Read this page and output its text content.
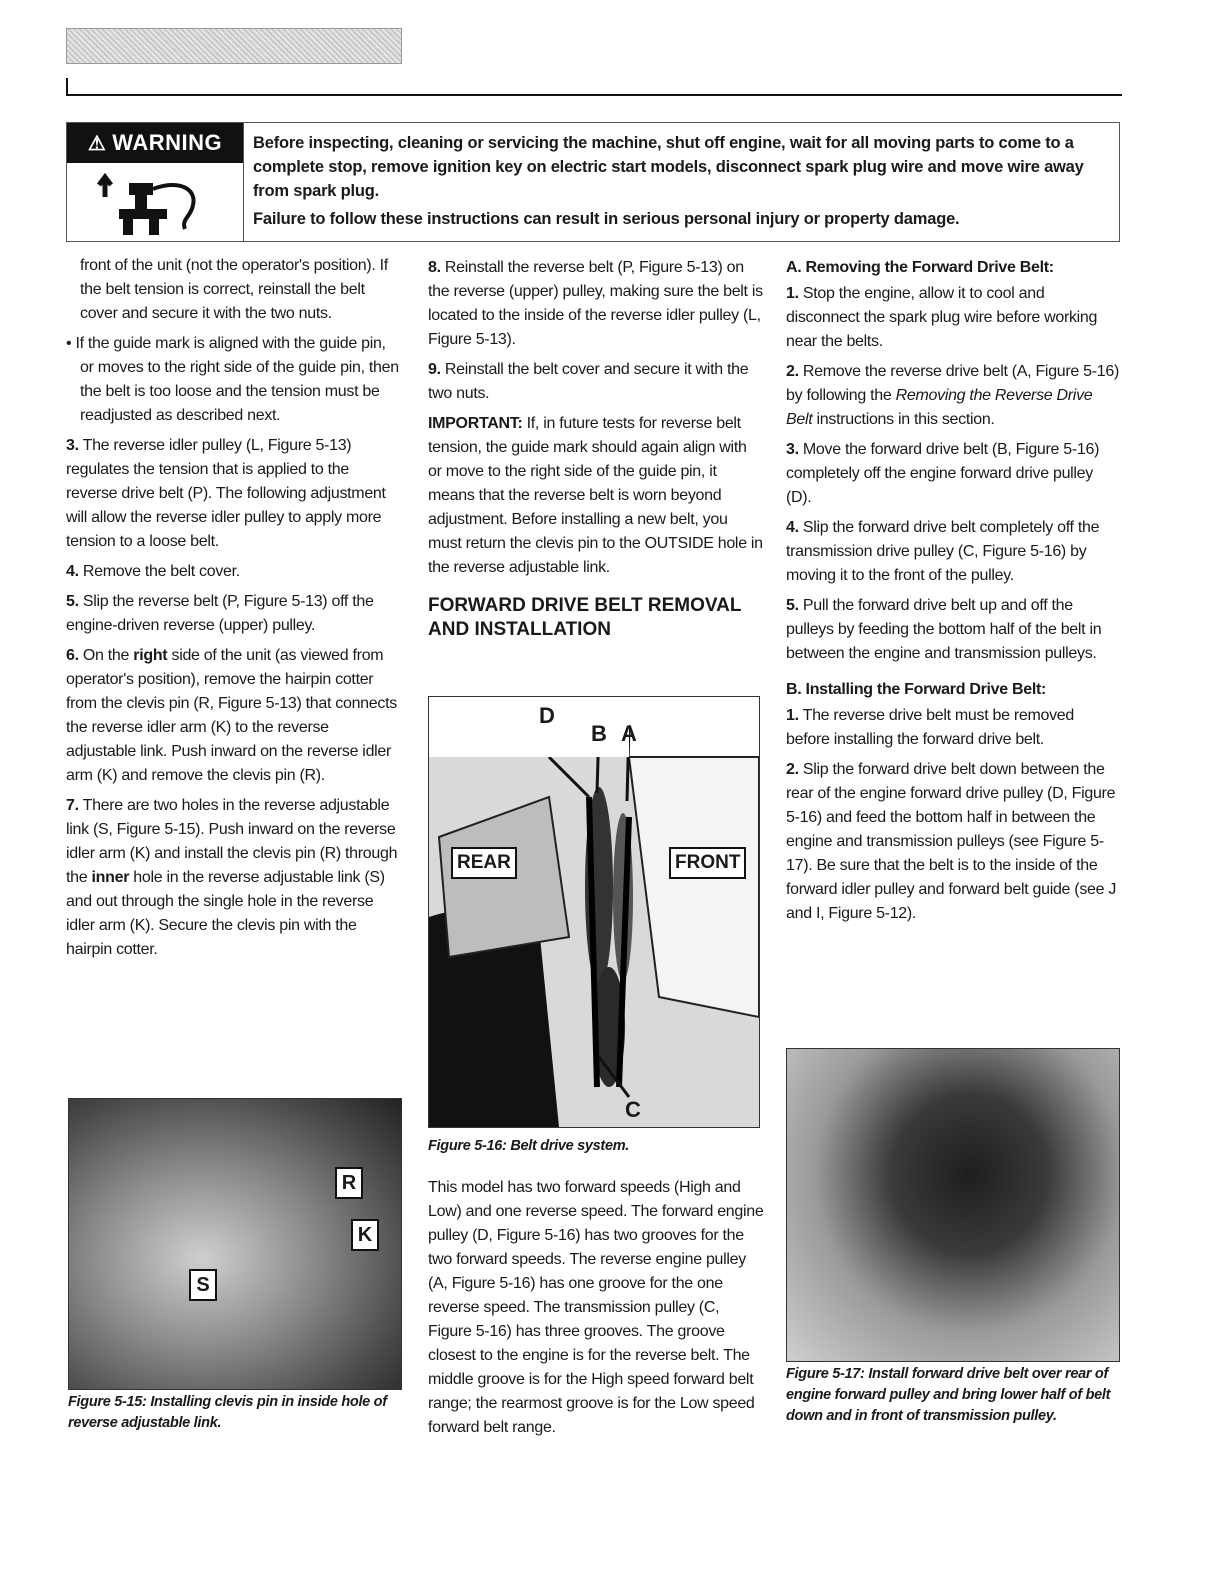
⚠ WARNING Before inspecting, cleaning or servicing the machine, shut off engine, wait for all moving parts to come to a complete stop, remove ignition key on electric start models, disconnect spark plug wire and move wire away from spark plug.

Failure to follow these instructions can result in serious personal injury or property damage.

front of the unit (not the operator's position). If the belt tension is correct, reinstall the belt cover and secure it with the two nuts.

• If the guide mark is aligned with the guide pin, or moves to the right side of the guide pin, then the belt is too loose and the tension must be readjusted as described next.

3. The reverse idler pulley (L, Figure 5-13) regulates the tension that is applied to the reverse drive belt (P). The following adjustment will allow the reverse idler pulley to apply more tension to a loose belt.

4. Remove the belt cover.

5. Slip the reverse belt (P, Figure 5-13) off the engine-driven reverse (upper) pulley.

6. On the right side of the unit (as viewed from operator's position), remove the hairpin cotter from the clevis pin (R, Figure 5-13) that connects the reverse idler arm (K) to the reverse adjustable link. Push inward on the reverse idler arm (K) and remove the clevis pin (R).

7. There are two holes in the reverse adjustable link (S, Figure 5-15). Push inward on the reverse idler arm (K) and install the clevis pin (R) through the inner hole in the reverse adjustable link (S) and out through the single hole in the reverse idler arm (K). Secure the clevis pin with the hairpin cotter.

R
K
S
Figure 5-15: Installing clevis pin in inside hole of reverse adjustable link.

8. Reinstall the reverse belt (P, Figure 5-13) on the reverse (upper) pulley, making sure the belt is located to the inside of the reverse idler pulley (L, Figure 5-13).

9. Reinstall the belt cover and secure it with the two nuts.

IMPORTANT: If, in future tests for reverse belt tension, the guide mark should again align with or move to the right side of the guide pin, it means that the reverse belt is worn beyond adjustment. Before installing a new belt, you must return the clevis pin to the OUTSIDE hole in the reverse adjustable link.

FORWARD DRIVE BELT REMOVAL AND INSTALLATION
D
B A
C
REAR	FRONT
Figure 5-16: Belt drive system.

This model has two forward speeds (High and Low) and one reverse speed. The forward engine pulley (D, Figure 5-16) has two grooves for the two forward speeds. The reverse engine pulley (A, Figure 5-16) has one groove for the one reverse speed. The transmission pulley (C, Figure 5-16) has three grooves. The groove closest to the engine is for the reverse belt. The middle groove is for the High speed forward belt range; the rearmost groove is for the Low speed forward belt range.

A. Removing the Forward Drive Belt:

1. Stop the engine, allow it to cool and disconnect the spark plug wire before working near the belts.

2. Remove the reverse drive belt (A, Figure 5-16) by following the Removing the Reverse Drive Belt instructions in this section.

3. Move the forward drive belt (B, Figure 5-16) completely off the engine forward drive pulley (D).

4. Slip the forward drive belt completely off the transmission drive pulley (C, Figure 5-16) by moving it to the front of the pulley.

5. Pull the forward drive belt up and off the pulleys by feeding the bottom half of the belt in between the engine and transmission pulleys.

B. Installing the Forward Drive Belt:

1. The reverse drive belt must be removed before installing the forward drive belt.

2. Slip the forward drive belt down between the rear of the engine forward drive pulley (D, Figure 5-16) and feed the bottom half in between the engine and transmission pulleys (see Figure 5-17). Be sure that the belt is to the inside of the forward idler pulley and forward belt guide (see J and I, Figure 5-12).

Figure 5-17: Install forward drive belt over rear of engine forward pulley and bring lower half of belt down and in front of transmission pulley.
